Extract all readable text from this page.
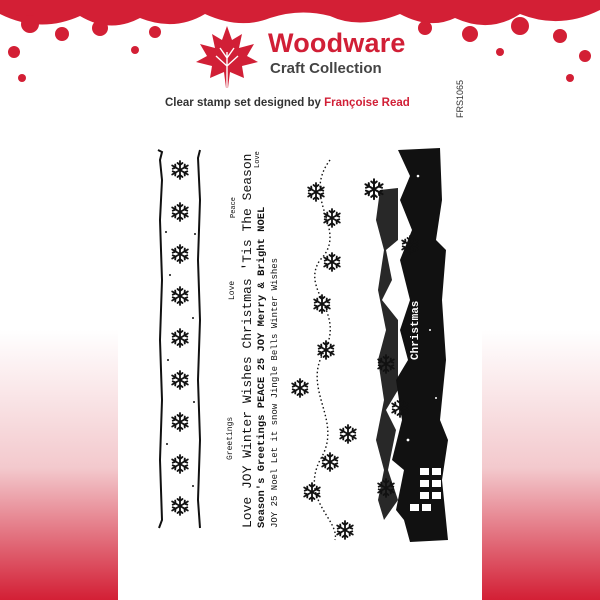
Woodware
Craft Collection
Clear stamp set designed by Françoise Read	FRS1065
Christmas
Love JOY Winter Wishes Christmas 'Tis The Season Season's Greetings PEACE 25 JOY Merry & Bright NOEL JOY 25 Noel Let it snow Jingle Bells Winter Wishes
Greetings
Love
Peace
Love
